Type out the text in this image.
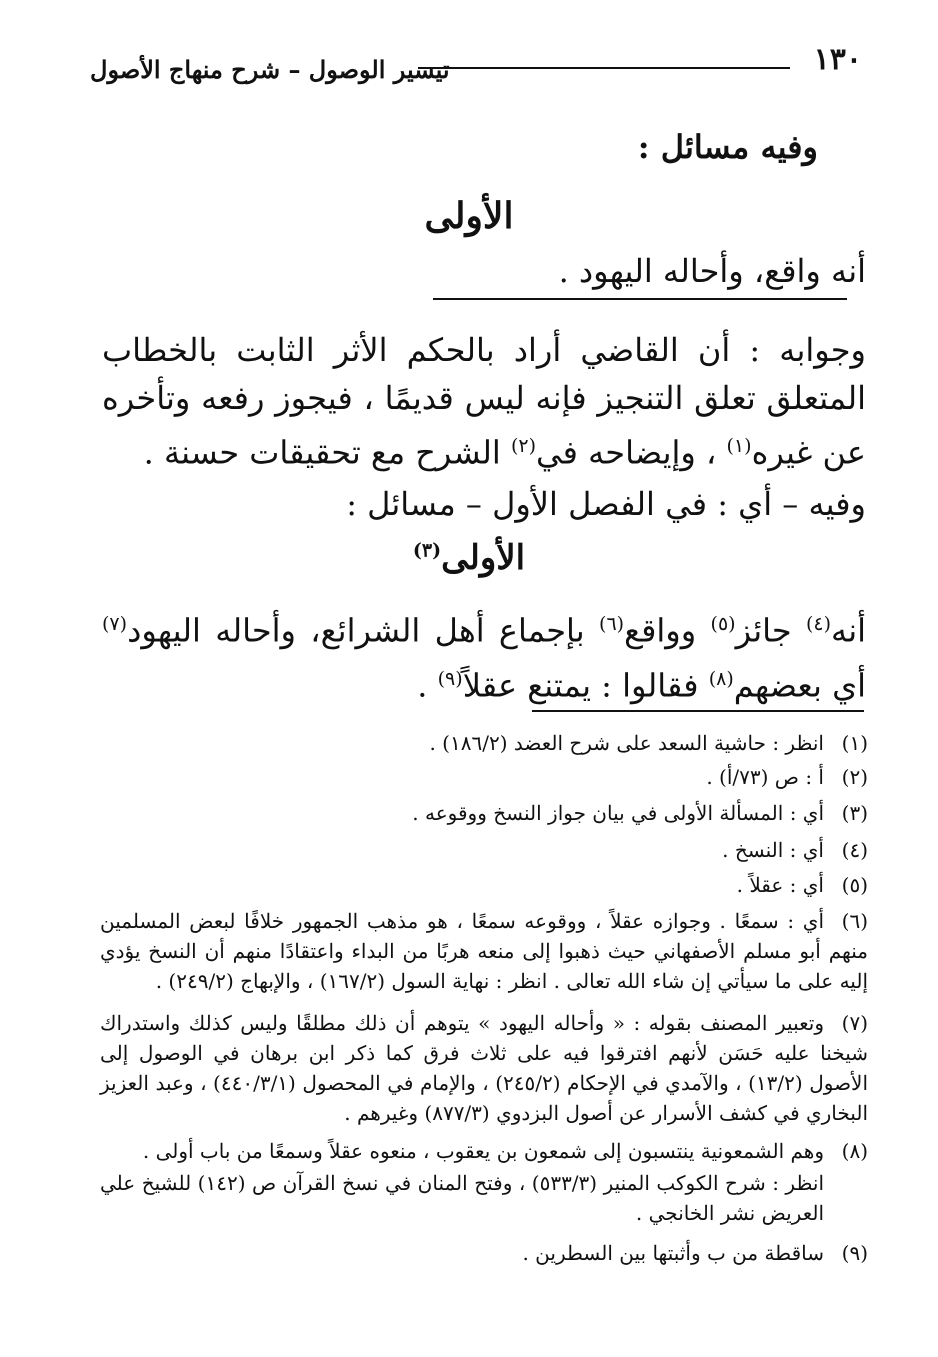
١٣٠
تيسير الوصول – شرح منهاج الأصول
وفيه مسائل :
الأولى
أنه واقع، وأحاله اليهود .
وجوابه : أن القاضي أراد بالحكم الأثر الثابت بالخطاب المتعلق تعلق التنجيز فإنه ليس قديمًا ، فيجوز رفعه وتأخره عن غيره$^{(١)}$ ، وإيضاحه في$^{(٢)}$ الشرح مع تحقيقات حسنة .
وفيه – أي : في الفصل الأول – مسائل :
الأولى$^{(٣)}$
أنه$^{(٤)}$ جائز$^{(٥)}$ وواقع$^{(٦)}$ بإجماع أهل الشرائع، وأحاله اليهود$^{(٧)}$ أي بعضهم$^{(٨)}$ فقالوا : يمتنع عقلاً$^{(٩)}$ .
(١)انظر : حاشية السعد على شرح العضد (١٨٦/٢) .
(٢)أ : ص (٧٣/أ) .
(٣)أي : المسألة الأولى في بيان جواز النسخ ووقوعه .
(٤)أي : النسخ .
(٥)أي : عقلاً .
(٦)أي : سمعًا . وجوازه عقلاً ، ووقوعه سمعًا ، هو مذهب الجمهور خلافًا لبعض المسلمين منهم أبو مسلم الأصفهاني حيث ذهبوا إلى منعه هربًا من البداء واعتقادًا منهم أن النسخ يؤدي إليه على ما سيأتي إن شاء الله تعالى . انظر : نهاية السول (١٦٧/٢) ، والإبهاج (٢٤٩/٢) .
(٧)وتعبير المصنف بقوله : « وأحاله اليهود » يتوهم أن ذلك مطلقًا وليس كذلك واستدراك شيخنا عليه حَسَن لأنهم افترقوا فيه على ثلاث فرق كما ذكر ابن برهان في الوصول إلى الأصول (١٣/٢) ، والآمدي في الإحكام (٢٤٥/٢) ، والإمام في المحصول (٤٤٠/٣/١) ، وعبد العزيز البخاري في كشف الأسرار عن أصول البزدوي (٨٧٧/٣) وغيرهم .
(٨)وهم الشمعونية ينتسبون إلى شمعون بن يعقوب ، منعوه عقلاً وسمعًا من باب أولى .
انظر : شرح الكوكب المنير (٥٣٣/٣) ، وفتح المنان في نسخ القرآن ص (١٤٢) للشيخ علي العريض نشر الخانجي .
(٩)ساقطة من ب وأثبتها بين السطرين .
